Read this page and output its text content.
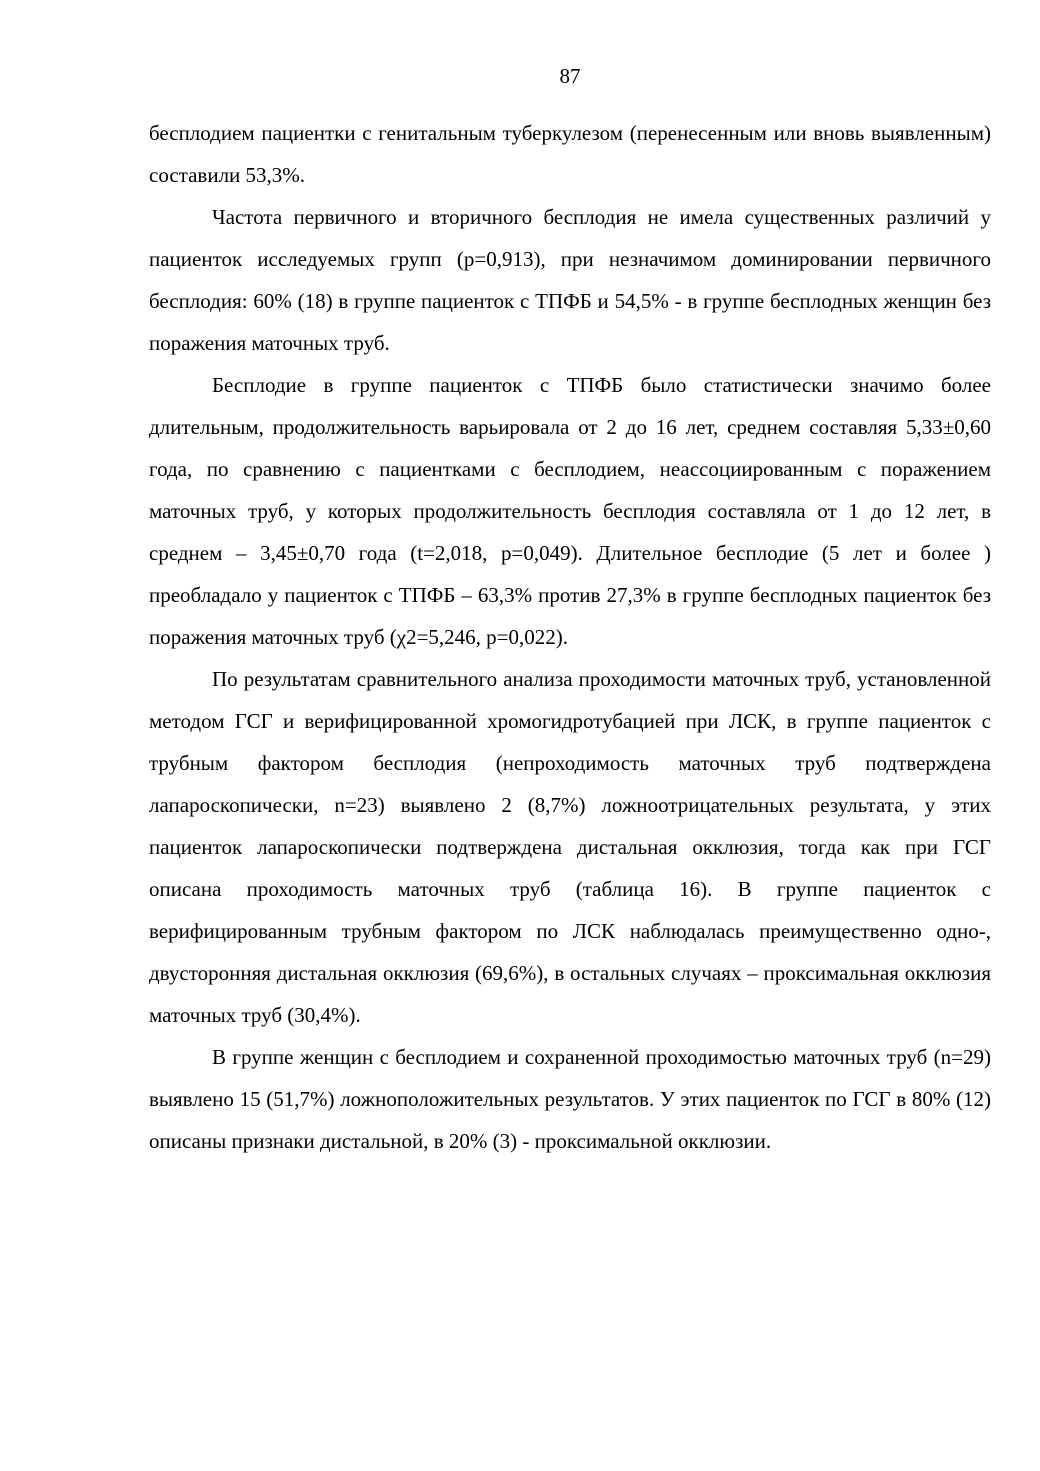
87

бесплодием пациентки с генитальным туберкулезом (перенесенным или вновь выявленным) составили 53,3%.

Частота первичного и вторичного бесплодия не имела существенных различий у пациенток исследуемых групп (p=0,913), при незначимом доминировании первичного бесплодия: 60% (18) в группе пациенток с ТПФБ и 54,5% - в группе бесплодных женщин без поражения маточных труб.

Бесплодие в группе пациенток с ТПФБ было статистически значимо более длительным, продолжительность варьировала от 2 до 16 лет, среднем составляя 5,33±0,60 года, по сравнению с пациентками с бесплодием, неассоциированным с поражением маточных труб, у которых продолжительность бесплодия составляла от 1 до 12 лет, в среднем – 3,45±0,70 года (t=2,018, p=0,049). Длительное бесплодие (5 лет и более ) преобладало у пациенток с ТПФБ – 63,3% против 27,3% в группе бесплодных пациенток без поражения маточных труб (χ2=5,246, p=0,022).

По результатам сравнительного анализа проходимости маточных труб, установленной методом ГСГ и верифицированной хромогидротубацией при ЛСК, в группе пациенток с трубным фактором бесплодия (непроходимость маточных труб подтверждена лапароскопически, n=23) выявлено 2 (8,7%) ложноотрицательных результата, у этих пациенток лапароскопически подтверждена дистальная окклюзия, тогда как при ГСГ описана проходимость маточных труб (таблица 16). В группе пациенток с верифицированным трубным фактором по ЛСК наблюдалась преимущественно одно-, двусторонняя дистальная окклюзия (69,6%), в остальных случаях – проксимальная окклюзия маточных труб (30,4%).

В группе женщин с бесплодием и сохраненной проходимостью маточных труб (n=29) выявлено 15 (51,7%) ложноположительных результатов. У этих пациенток по ГСГ в 80% (12) описаны признаки дистальной, в 20% (3) - проксимальной окклюзии.
